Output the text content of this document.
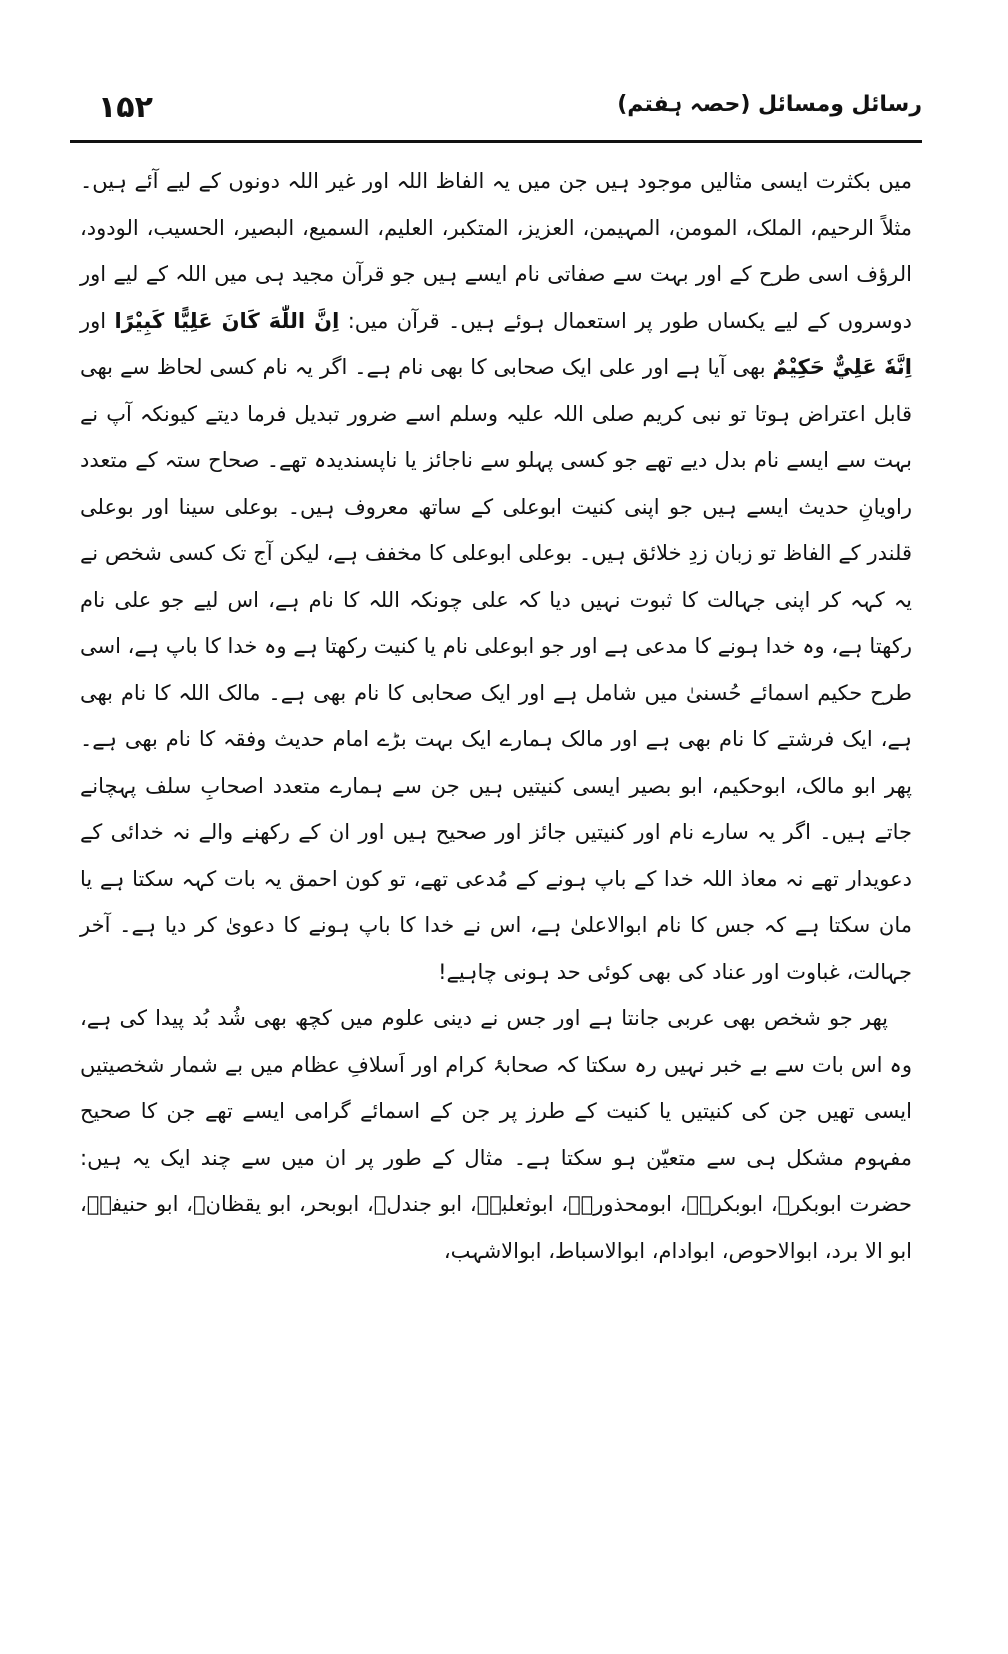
۱۵۲	رسائل ومسائل (حصہ ہفتم)

میں بکثرت ایسی مثالیں موجود ہیں جن میں یہ الفاظ اللہ اور غیر اللہ دونوں کے لیے آئے ہیں۔ مثلاً الرحیم، الملک، المومن، المہیمن، العزیز، المتکبر، العلیم، السمیع، البصیر، الحسیب، الودود، الرؤف اسی طرح کے اور بہت سے صفاتی نام ایسے ہیں جو قرآن مجید ہی میں اللہ کے لیے اور دوسروں کے لیے یکساں طور پر استعمال ہوئے ہیں۔ قرآن میں: اِنَّ اللّٰهَ كَانَ عَلِيًّا كَبِيْرًا اور اِنَّهٗ عَلِيٌّ حَكِيْمٌ بھی آیا ہے اور علی ایک صحابی کا بھی نام ہے۔ اگر یہ نام کسی لحاظ سے بھی قابل اعتراض ہوتا تو نبی کریم صلی اللہ علیہ وسلم اسے ضرور تبدیل فرما دیتے کیونکہ آپ نے بہت سے ایسے نام بدل دیے تھے جو کسی پہلو سے ناجائز یا ناپسندیدہ تھے۔ صحاح ستہ کے متعدد راویانِ حدیث ایسے ہیں جو اپنی کنیت ابوعلی کے ساتھ معروف ہیں۔ بوعلی سینا اور بوعلی قلندر کے الفاظ تو زبان زدِ خلائق ہیں۔ بوعلی ابوعلی کا مخفف ہے، لیکن آج تک کسی شخص نے یہ کہہ کر اپنی جہالت کا ثبوت نہیں دیا کہ علی چونکہ اللہ کا نام ہے، اس لیے جو علی نام رکھتا ہے، وہ خدا ہونے کا مدعی ہے اور جو ابوعلی نام یا کنیت رکھتا ہے وہ خدا کا باپ ہے، اسی طرح حکیم اسمائے حُسنیٰ میں شامل ہے اور ایک صحابی کا نام بھی ہے۔ مالک اللہ کا نام بھی ہے، ایک فرشتے کا نام بھی ہے اور مالک ہمارے ایک بہت بڑے امام حدیث وفقہ کا نام بھی ہے۔ پھر ابو مالک، ابوحکیم، ابو بصیر ایسی کنیتیں ہیں جن سے ہمارے متعدد اصحابِ سلف پہچانے جاتے ہیں۔ اگر یہ سارے نام اور کنیتیں جائز اور صحیح ہیں اور ان کے رکھنے والے نہ خدائی کے دعویدار تھے نہ معاذ اللہ خدا کے باپ ہونے کے مُدعی تھے، تو کون احمق یہ بات کہہ سکتا ہے یا مان سکتا ہے کہ جس کا نام ابوالاعلیٰ ہے، اس نے خدا کا باپ ہونے کا دعویٰ کر دیا ہے۔ آخر جہالت، غباوت اور عناد کی بھی کوئی حد ہونی چاہیے!

پھر جو شخص بھی عربی جانتا ہے اور جس نے دینی علوم میں کچھ بھی شُد بُد پیدا کی ہے، وہ اس بات سے بے خبر نہیں رہ سکتا کہ صحابۂ کرام اور اَسلافِ عظام میں بے شمار شخصیتیں ایسی تھیں جن کی کنیتیں یا کنیت کے طرز پر جن کے اسمائے گرامی ایسے تھے جن کا صحیح مفہوم مشکل ہی سے متعیّن ہو سکتا ہے۔ مثال کے طور پر ان میں سے چند ایک یہ ہیں: حضرت ابوبکرؓ، ابوبکرہؓ، ابومحذورہؓ، ابوثعلبہؓ، ابو جندلؓ، ابوبحر، ابو یقظانؓ، ابو حنیفہؒ، ابو الا برد، ابوالاحوص، ابوادام، ابوالاسباط، ابوالاشہب،
